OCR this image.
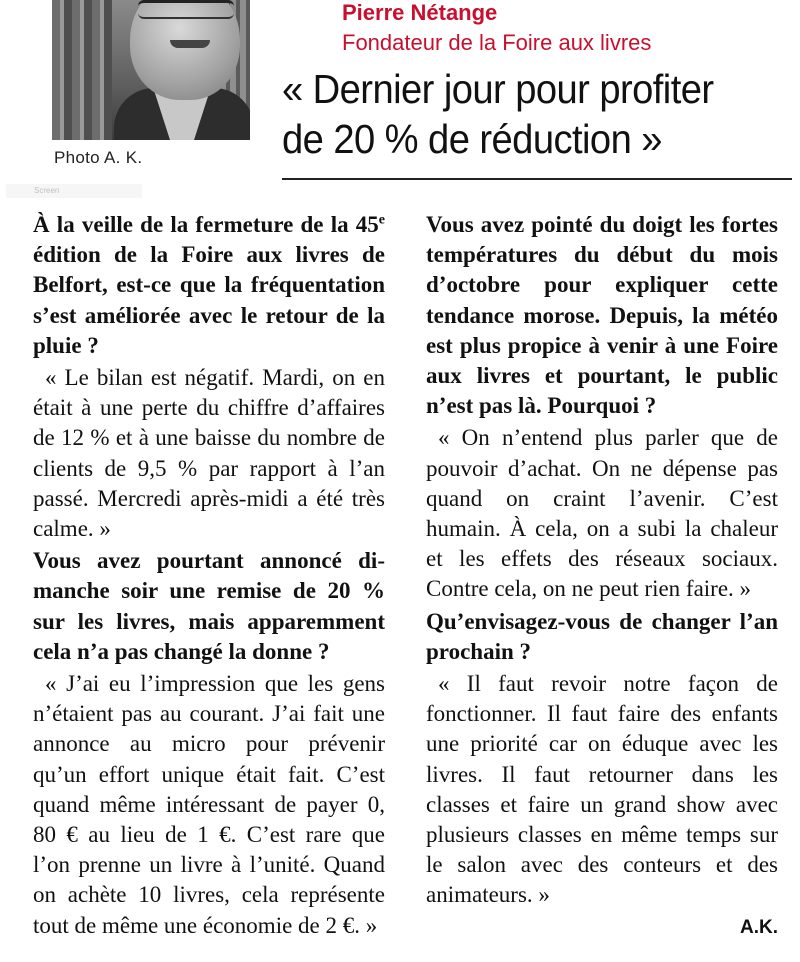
Photo A. K.
Pierre Nétange
Fondateur de la Foire aux livres
« Dernier jour pour profiter de 20 % de réduction »
Screen

À la veille de la fermeture de la 45e édition de la Foire aux livres de Belfort, est-ce que la fréquentation s’est améliorée avec le retour de la pluie ?

« Le bilan est négatif. Mardi, on en était à une perte du chiffre d’affaires de 12 % et à une baisse du nombre de clients de 9,5 % par rapport à l’an passé. Mercredi après-midi a été très calme. »

Vous avez pourtant annoncé dimanche soir une remise de 20 % sur les livres, mais apparemment cela n’a pas changé la donne ?

« J’ai eu l’impression que les gens n’étaient pas au courant. J’ai fait une annonce au micro pour prévenir qu’un effort unique était fait. C’est quand même intéressant de payer 0, 80 € au lieu de 1 €. C’est rare que l’on prenne un livre à l’unité. Quand on achète 10 livres, cela représente tout de même une économie de 2 €. »

Vous avez pointé du doigt les fortes températures du début du mois d’octobre pour expliquer cette tendance morose. Depuis, la météo est plus propice à venir à une Foire aux livres et pourtant, le public n’est pas là. Pourquoi ?

« On n’entend plus parler que de pouvoir d’achat. On ne dépense pas quand on craint l’avenir. C’est humain. À cela, on a subi la chaleur et les effets des réseaux sociaux. Contre cela, on ne peut rien faire. »

Qu’envisagez-vous de changer l’an prochain ?

« Il faut revoir notre façon de fonctionner. Il faut faire des enfants une priorité car on éduque avec les livres. Il faut retourner dans les classes et faire un grand show avec plusieurs classes en même temps sur le salon avec des conteurs et des animateurs. »

A.K.
